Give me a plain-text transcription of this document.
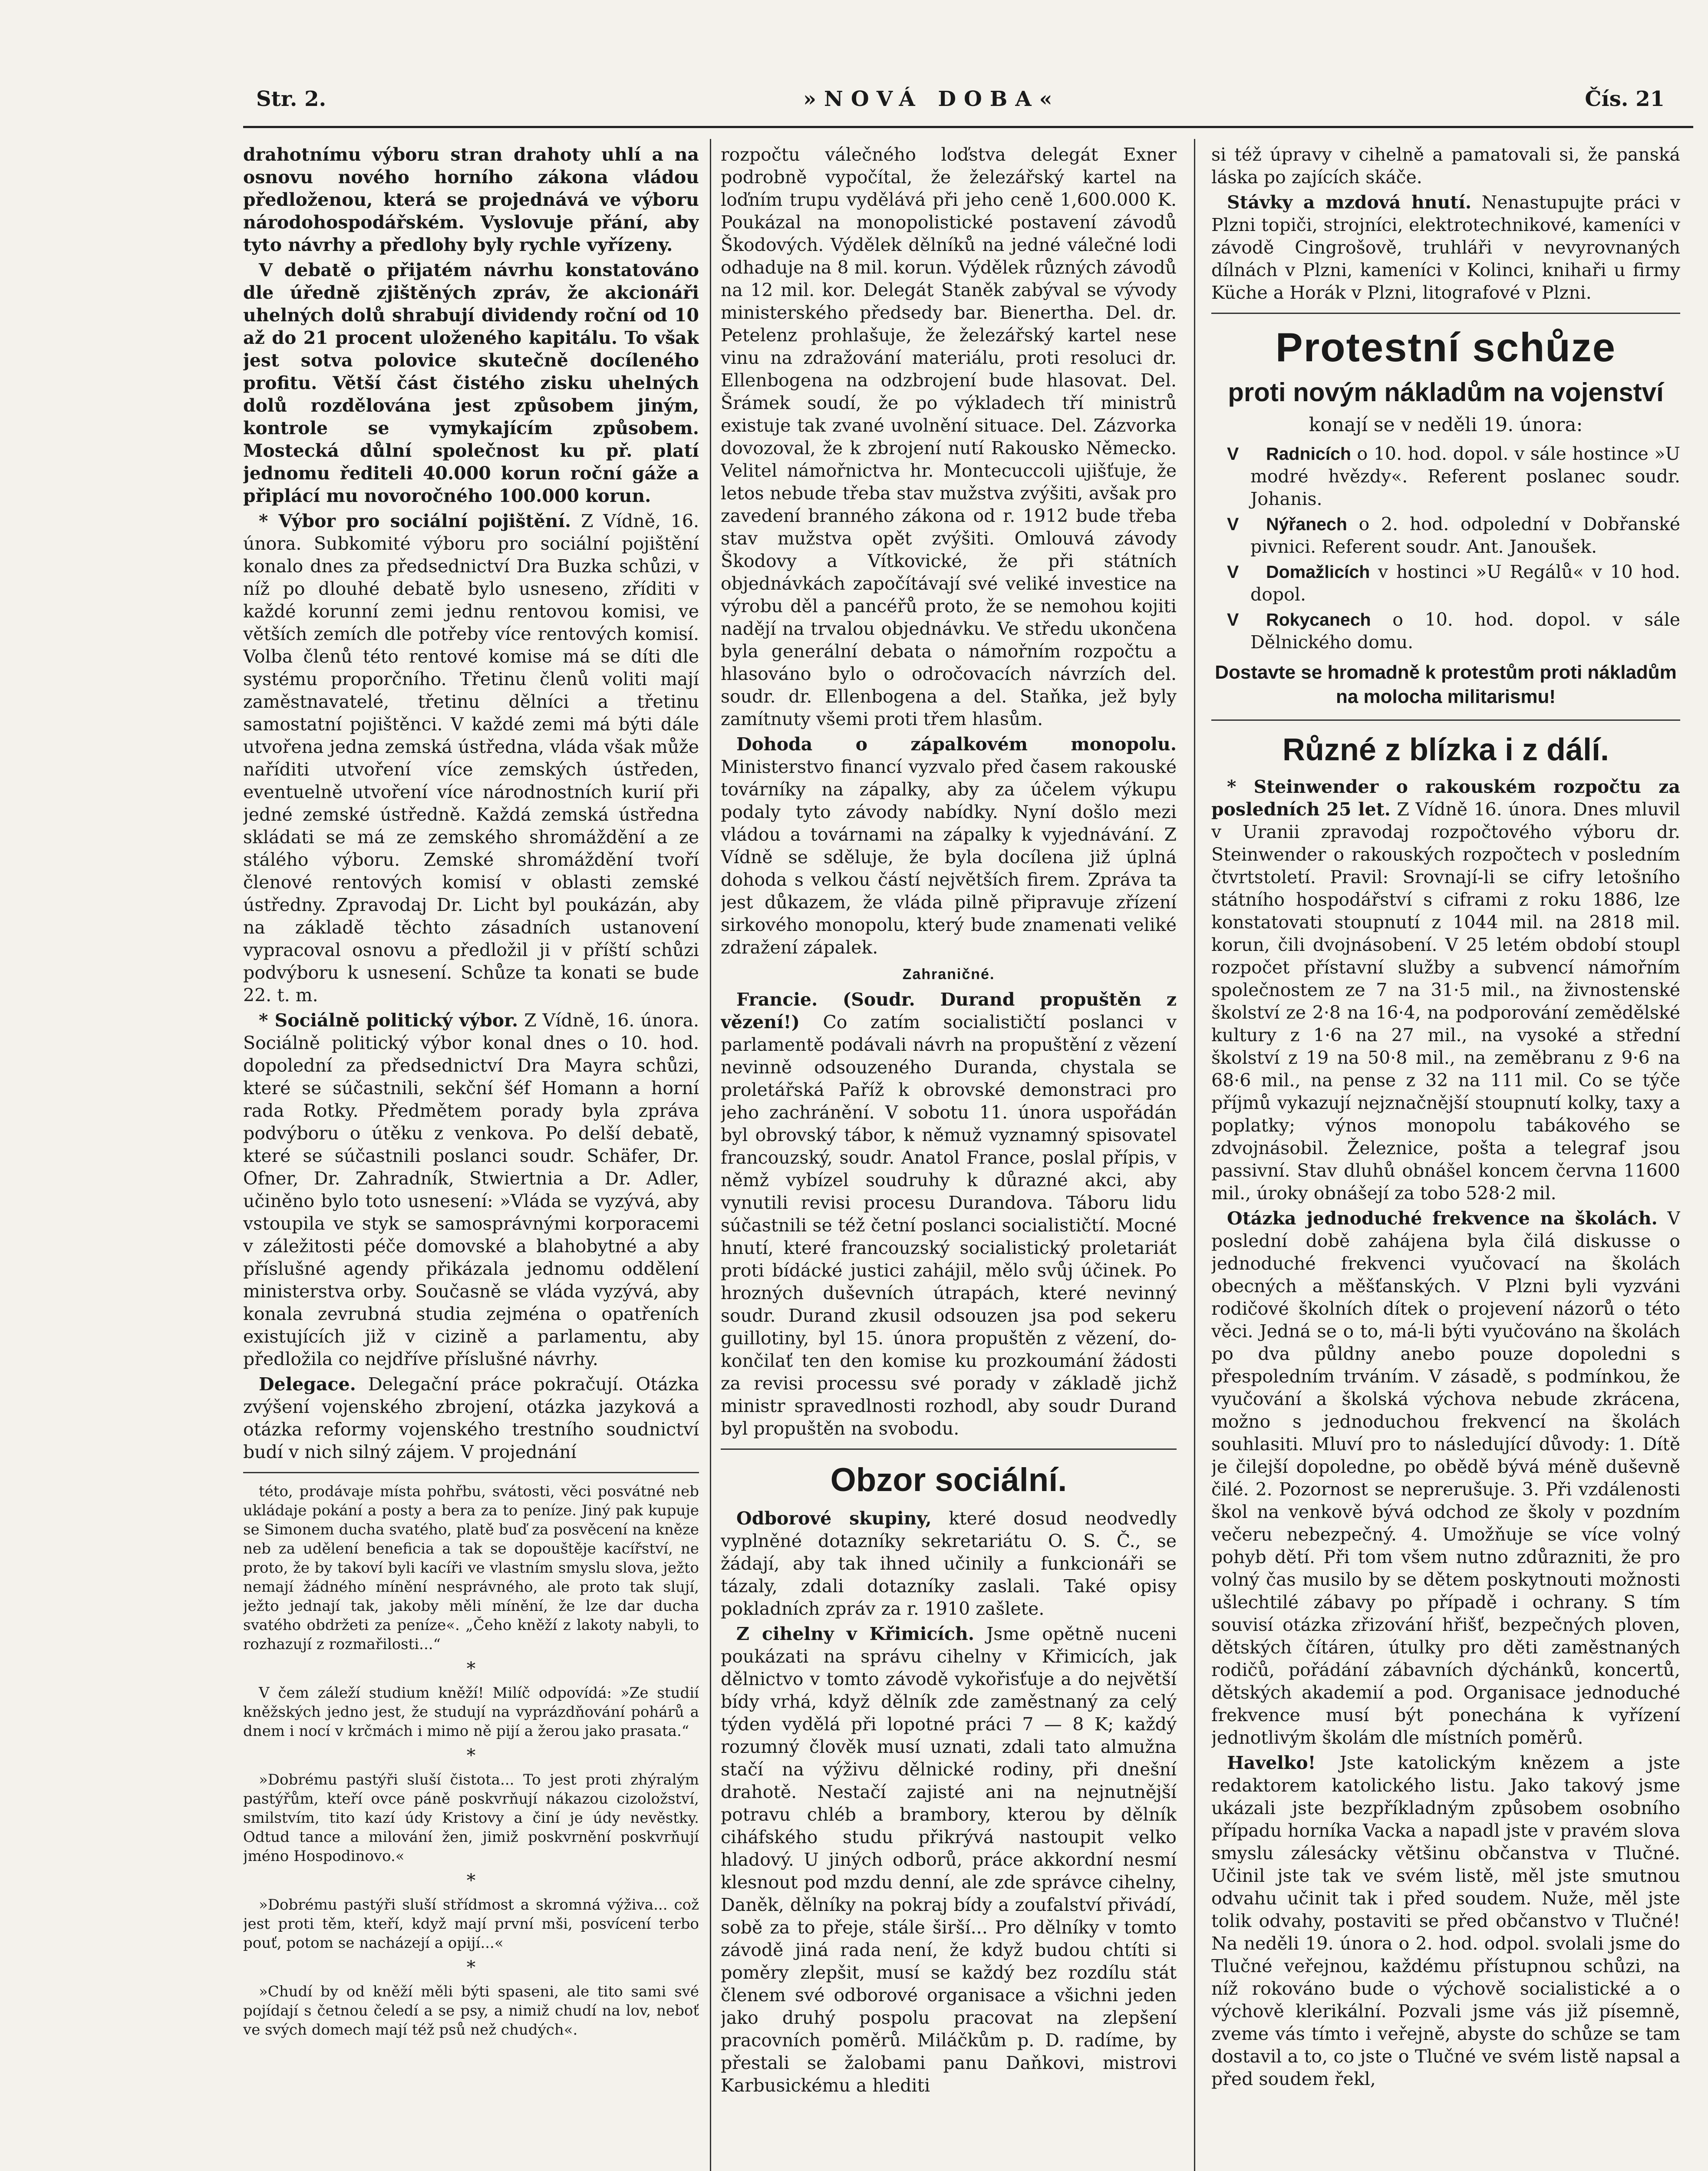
Str. 2.	»NOVÁ DOBA«	Čís. 21

drahotnímu výboru stran drahoty uhlí a na osnovu nového horního zákona vládou předloženou, která se projednává ve výboru národohospodářském. Vyslovuje přání, aby tyto návrhy a předlohy byly rychle vyřízeny.

V debatě o přijatém návrhu konstatováno dle úředně zjištěných zpráv, že akcionáři uhelných dolů shrabují dividendy roční od 10 až do 21 procent uloženého kapitálu. To však jest sotva polovice skutečně docíleného profitu. Větší část čistého zisku uhelných dolů rozdělována jest způsobem jiným, kontrole se vymykajícím způsobem. Mostecká důlní společnost ku př. platí jednomu řediteli 40.000 korun roční gáže a připlácí mu novoročného 100.000 korun.

* Výbor pro sociální pojištění. Z Vídně, 16. února. Subkomité výboru pro sociální pojištění konalo dnes za předsednictví Dra Buzka schůzi, v níž po dlouhé debatě bylo usneseno, zříditi v každé korunní zemi jednu rentovou komisi, ve větších zemích dle potřeby více rentových komisí. Volba členů této rentové komise má se díti dle systému proporčního. Třetinu členů voliti mají zaměstnavatelé, třetinu dělníci a třetinu samostatní pojištěnci. V každé zemi má býti dále utvořena jedna zemská ústředna, vláda však může naříditi utvoření více zemských ústředen, eventuelně utvoření více národnostních kurií při jedné zemské ústředně. Každá zemská ústředna skládati se má ze zemského shromáždění a ze stálého výboru. Zemské shromáždění tvoří členové rentových komisí v oblasti zemské ústředny. Zpravodaj Dr. Licht byl poukázán, aby na základě těchto zásadních ustanovení vypracoval osnovu a předložil ji v příští schůzi podvýboru k usnesení. Schůze ta konati se bude 22. t. m.

* Sociálně politický výbor. Z Vídně, 16. února. Sociálně politický výbor konal dnes o 10. hod. dopolední za předsednictví Dra Mayra schůzi, které se súčastnili, sekční šéf Homann a horní rada Rotky. Předmětem porady byla zpráva podvýboru o útěku z venkova. Po delší debatě, které se súčastnili poslanci soudr. Schäfer, Dr. Ofner, Dr. Zahradník, Stwiertnia a Dr. Adler, učiněno bylo toto usnesení: »Vláda se vyzývá, aby vstoupila ve styk se samosprávnými korporacemi v záležitosti péče domovské a blahobytné a aby příslušné agendy přikázala jednomu oddělení ministerstva orby. Současně se vláda vyzývá, aby konala zevrubná studia zejména o opatřeních existujících již v cizině a parlamentu, aby předložila co nejdříve příslušné návrhy.

Delegace. Delegační práce pokračují. Otázka zvýšení vojenského zbrojení, otázka jazyková a otázka reformy vojenského trestního soudnictví budí v nich silný zájem. V projednání

této, prodávaje místa pohřbu, svátosti, věci posvátné neb ukládaje pokání a posty a bera za to peníze. Jiný pak kupuje se Simonem ducha svatého, platě buď za posvěcení na kněze neb za udělení beneficia a tak se dopouštěje kacířství, ne proto, že by takoví byli kacíři ve vlastním smyslu slova, ježto nemají žádného mínění nesprávného, ale proto tak slují, ježto jednají tak, jakoby měli mínění, že lze dar ducha svatého obdržeti za peníze«. „Čeho kněží z lakoty nabyli, to rozhazují z rozmařilosti...“

*

V čem záleží studium kněží! Milíč odpovídá: »Ze studií kněžských jedno jest, že studují na vyprázdňování pohárů a dnem i nocí v krčmách i mimo ně pijí a žerou jako prasata.“

*

»Dobrému pastýři sluší čistota... To jest proti zhýralým pastýřům, kteří ovce páně poskvrňují nákazou cizoložství, smilstvím, tito kazí údy Kristovy a činí je údy nevěstky. Odtud tance a milování žen, jimiž poskvrnění poskvrňují jméno Hospodinovo.«

*

»Dobrému pastýři sluší střídmost a skromná výživa... což jest proti těm, kteří, když mají první mši, posvícení terbo pouť, potom se nacházejí a opijí...«

*

»Chudí by od kněží měli býti spaseni, ale tito sami své pojídají s četnou čeledí a se psy, a nimiž chudí na lov, neboť ve svých domech mají též psů než chudých«.

rozpočtu válečného loďstva delegát Exner podrobně vypočítal, že železářský kartel na loďním trupu vydělává při jeho ceně 1,600.000 K. Poukázal na monopolistické postavení závodů Škodových. Výdělek dělníků na jedné válečné lodi odhaduje na 8 mil. korun. Výdělek různých závodů na 12 mil. kor. Delegát Staněk zabýval se vývody ministerského předsedy bar. Bienertha. Del. dr. Petelenz prohlašuje, že železářský kartel nese vinu na zdražování materiálu, proti resoluci dr. Ellenbogena na odzbrojení bude hlasovat. Del. Šrámek soudí, že po výkladech tří ministrů existuje tak zvané uvolnění situace. Del. Zázvorka dovozoval, že k zbrojení nutí Rakousko Německo. Velitel námořnictva hr. Montecuccoli ujišťuje, že letos nebude třeba stav mužstva zvýšiti, avšak pro zavedení branného zákona od r. 1912 bude třeba stav mužstva opět zvýšiti. Omlouvá závody Škodovy a Vítkovické, že při státních objednávkách započítávají své veliké investice na výrobu děl a pancéřů proto, že se nemohou kojiti nadějí na trvalou objednávku. Ve středu ukončena byla generální debata o námořním rozpočtu a hlasováno bylo o odročovacích návrzích del. soudr. dr. Ellenbogena a del. Staňka, jež byly zamítnuty všemi proti třem hlasům.

Dohoda o zápalkovém monopolu. Ministerstvo financí vyzvalo před časem rakouské továrníky na zápalky, aby za účelem výkupu podaly tyto závody nabídky. Nyní došlo mezi vládou a továrnami na zápalky k vyjednávání. Z Vídně se sděluje, že byla docílena již úplná dohoda s velkou částí největších firem. Zpráva ta jest důkazem, že vláda pilně připravuje zřízení sirkového monopolu, který bude znamenati veliké zdražení zápalek.

Zahraničné.

Francie. (Soudr. Durand propuštěn z vězení!) Co zatím socialističtí poslanci v parlamentě podávali návrh na propuštění z vězení nevinně odsouzeného Duranda, chystala se proletářská Paříž k obrovské demonstraci pro jeho zachránění. V sobotu 11. února uspořádán byl obrovský tábor, k němuž vyznamný spisovatel francouzský, soudr. Anatol France, poslal přípis, v němž vybízel soudruhy k důrazné akci, aby vynutili revisi procesu Durandova. Táboru lidu súčastnili se též četní poslanci socialističtí. Mocné hnutí, které francouzský socialistický proletariát proti bídácké justici zahájil, mělo svůj účinek. Po hrozných duševních útrapách, které nevinný soudr. Durand zkusil odsouzen jsa pod sekeru guillotiny, byl 15. února propuštěn z vězení, do-končilať ten den komise ku prozkoumání žádosti za revisi processu své porady v základě jichž ministr spravedlnosti rozhodl, aby soudr Durand byl propuštěn na svobodu.

Obzor sociální.

Odborové skupiny, které dosud neodvedly vyplněné dotazníky sekretariátu O. S. Č., se žádají, aby tak ihned učinily a funkcionáři se tázaly, zdali dotazníky zaslali. Také opisy pokladních zpráv za r. 1910 zašlete.

Z cihelny v Křimicích. Jsme opětně nuceni poukázati na správu cihelny v Křimicích, jak dělnictvo v tomto závodě vykořisťuje a do největší bídy vrhá, když dělník zde zaměstnaný za celý týden vydělá při lopotné práci 7 — 8 K; každý rozumný člověk musí uznati, zdali tato almužna stačí na výživu dělnické rodiny, při dnešní drahotě. Nestačí zajisté ani na nejnutnější potravu chléb a brambory, kterou by dělník ciháfského studu přikrývá nastoupit velko hladový. U jiných odborů, práce akkordní nesmí klesnout pod mzdu denní, ale zde správce cihelny, Daněk, dělníky na pokraj bídy a zoufalství přivádí, sobě za to přeje, stále širší... Pro dělníky v tomto závodě jiná rada není, že když budou chtíti si poměry zlepšit, musí se každý bez rozdílu stát členem své odborové organisace a všichni jeden jako druhý pospolu pracovat na zlepšení pracovních poměrů. Miláčkům p. D. radíme, by přestali se žalobami panu Daňkovi, mistrovi Karbusickému a hlediti

si též úpravy v cihelně a pamatovali si, že panská láska po zajících skáče.

Stávky a mzdová hnutí. Nenastupujte práci v Plzni topiči, strojníci, elektrotechnikové, kameníci v závodě Cingrošově, truhláři v nevyrovnaných dílnách v Plzni, kameníci v Kolinci, knihaři u firmy Küche a Horák v Plzni, litografové v Plzni.

Protestní schůze
proti novým nákladům na vojenství
konají se v neděli 19. února:

V Radnicích o 10. hod. dopol. v sále hostince »U modré hvězdy«. Referent poslanec soudr. Johanis.

V Nýřanech o 2. hod. odpolední v Dobřanské pivnici. Referent soudr. Ant. Janoušek.

V Domažlicích v hostinci »U Regálů« v 10 hod. dopol.

V Rokycanech o 10. hod. dopol. v sále Dělnického domu.

Dostavte se hromadně k protestům proti nákladům na molocha militarismu!
Různé z blízka i z dálí.

* Steinwender o rakouském rozpočtu za posledních 25 let. Z Vídně 16. února. Dnes mluvil v Uranii zpravodaj rozpočtového výboru dr. Steinwender o rakouských rozpočtech v posledním čtvrtstoletí. Pravil: Srovnají-li se cifry letošního státního hospodářství s ciframi z roku 1886, lze konstatovati stoupnutí z 1044 mil. na 2818 mil. korun, čili dvojnásobení. V 25 letém období stoupl rozpočet přístavní služby a subvencí námořním společnostem ze 7 na 31·5 mil., na živnostenské školství ze 2·8 na 16·4, na podporování zemědělské kultury z 1·6 na 27 mil., na vysoké a střední školství z 19 na 50·8 mil., na zeměbranu z 9·6 na 68·6 mil., na pense z 32 na 111 mil. Co se týče příjmů vykazují nejznačnější stoupnutí kolky, taxy a poplatky; výnos monopolu tabákového se zdvojnásobil. Železnice, pošta a telegraf jsou passivní. Stav dluhů obnášel koncem června 11600 mil., úroky obnášejí za tobo 528·2 mil.

Otázka jednoduché frekvence na školách. V poslední době zahájena byla čilá diskusse o jednoduché frekvenci vyučovací na školách obecných a měšťanských. V Plzni byli vyzváni rodičové školních dítek o projevení názorů o této věci. Jedná se o to, má-li býti vyučováno na školách po dva půldny anebo pouze dopoledni s přespoledním trváním. V zásadě, s podmínkou, že vyučování a školská výchova nebude zkrácena, možno s jednoduchou frekvencí na školách souhlasiti. Mluví pro to následující důvody: 1. Dítě je čilejší dopoledne, po obědě bývá méně duševně čilé. 2. Pozornost se neprerušuje. 3. Při vzdálenosti škol na venkově bývá odchod ze školy v pozdním večeru nebezpečný. 4. Umožňuje se více volný pohyb dětí. Při tom všem nutno zdůrazniti, že pro volný čas musilo by se dětem poskytnouti možnosti ušlechtilé zábavy po případě i ochrany. S tím souvisí otázka zřizování hřišť, bezpečných ploven, dětských čítáren, útulky pro děti zaměstnaných rodičů, pořádání zábavních dýchánků, koncertů, dětských akademií a pod. Organisace jednoduché frekvence musí být ponechána k vyřízení jednotlivým školám dle místních poměrů.

Havelko! Jste katolickým knězem a jste redaktorem katolického listu. Jako takový jsme ukázali jste bezpříkladným způsobem osobního případu horníka Vacka a napadl jste v pravém slova smyslu zálesácky většinu občanstva v Tlučné. Učinil jste tak ve svém listě, měl jste smutnou odvahu učinit tak i před soudem. Nuže, měl jste tolik odvahy, postaviti se před občanstvo v Tlučné! Na neděli 19. února o 2. hod. odpol. svolali jsme do Tlučné veřejnou, každému přístupnou schůzi, na níž rokováno bude o výchově socialistické a o výchově klerikální. Pozvali jsme vás již písemně, zveme vás tímto i veřejně, abyste do schůze se tam dostavil a to, co jste o Tlučné ve svém listě napsal a před soudem řekl,
